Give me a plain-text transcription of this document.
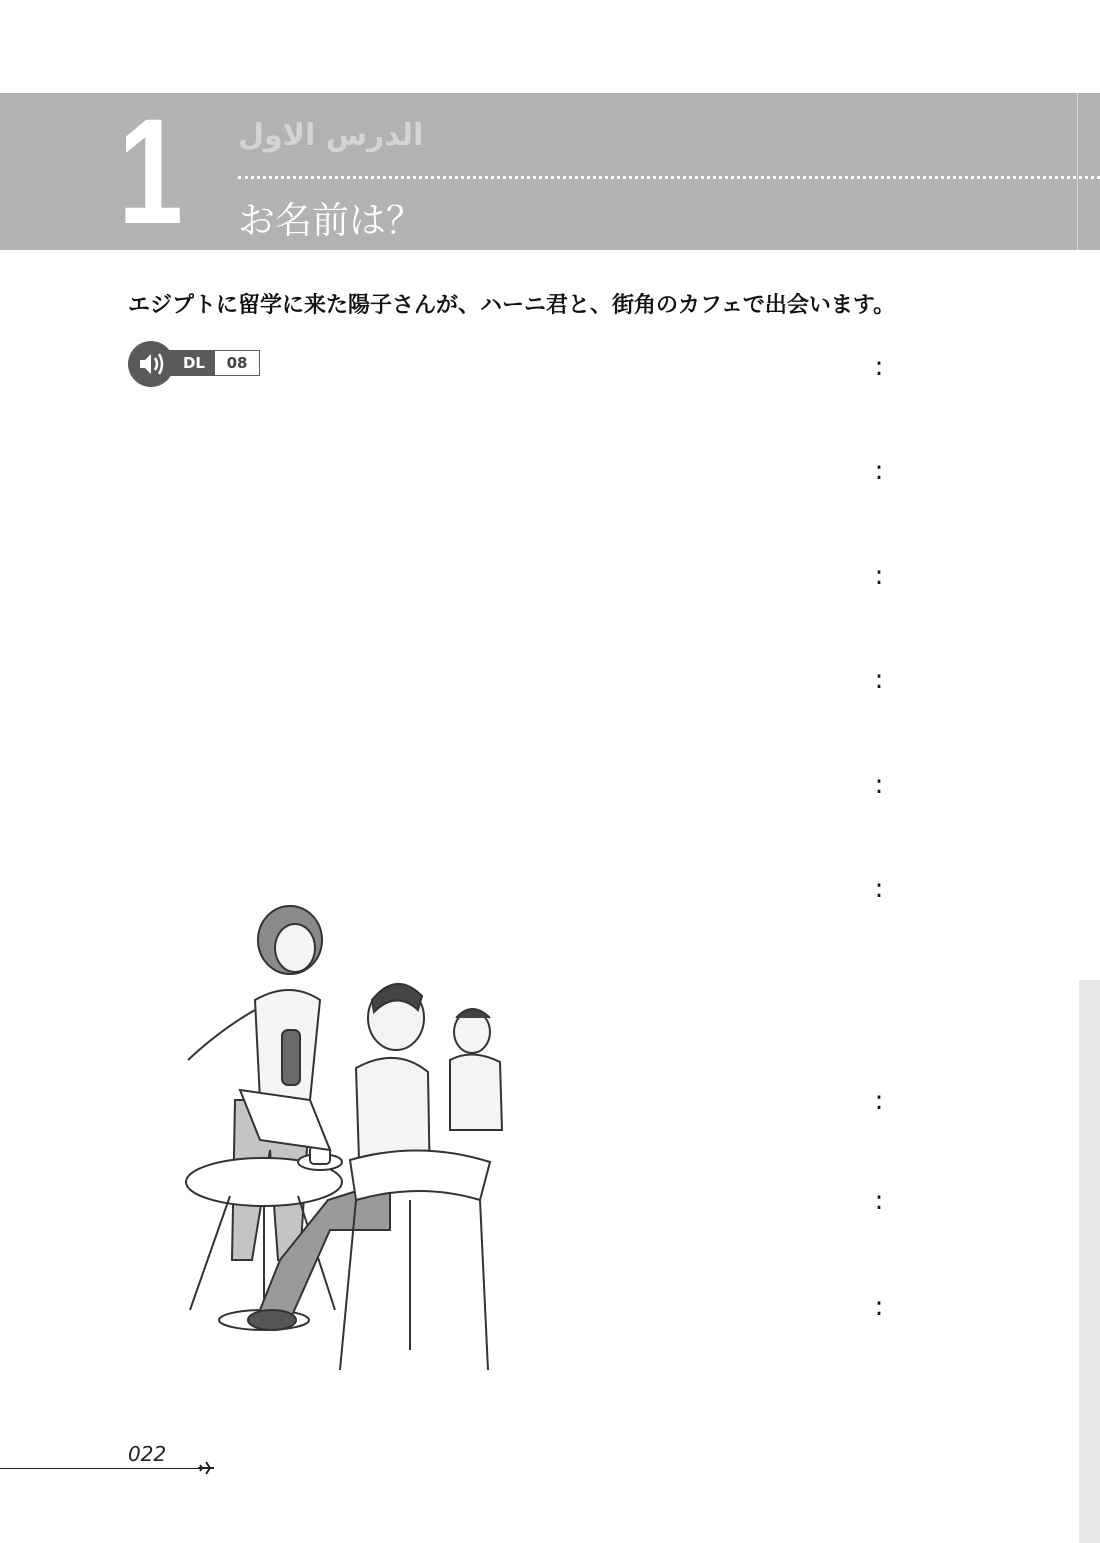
1 الدرس الاول
お名前は？
エジプトに留学に来た陽子さんが、ハーニ君と、街角のカフェで出会います。
DL	08	:
:
:
:
:
:
:
:
:
022
